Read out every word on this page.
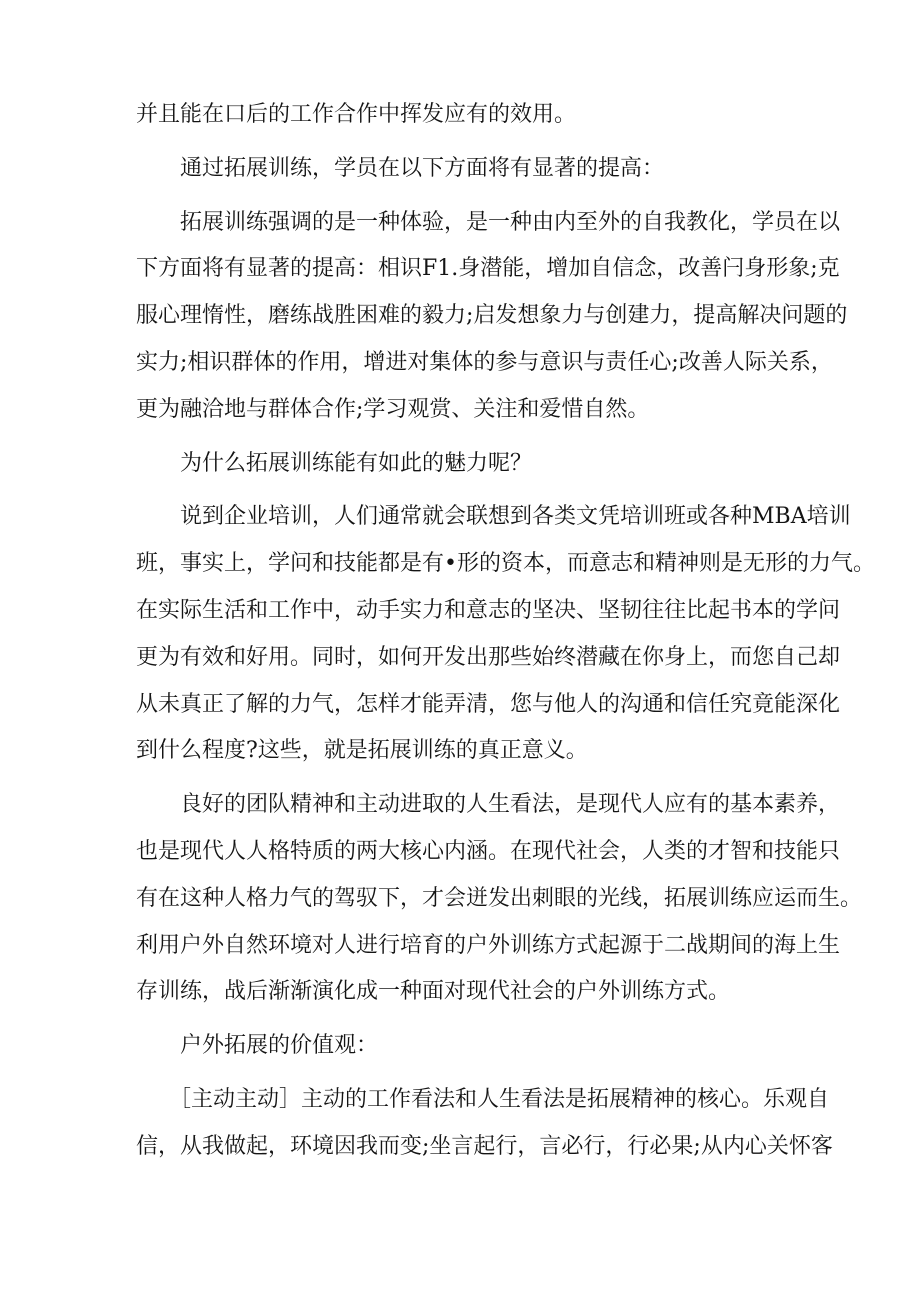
并且能在口后的工作合作中挥发应有的效用。

　　通过拓展训练，学员在以下方面将有显著的提高：

　　拓展训练强调的是一种体验，是一种由内至外的自我教化，学员在以

下方面将有显著的提高：相识F1.身潜能，增加自信念，改善闩身形象;克

服心理惰性，磨练战胜困难的毅力;启发想象力与创建力，提高解决问题的

实力;相识群体的作用，增进对集体的参与意识与责任心;改善人际关系，

更为融洽地与群体合作;学习观赏、关注和爱惜自然。

　　为什么拓展训练能有如此的魅力呢？

　　说到企业培训，人们通常就会联想到各类文凭培训班或各种MBA培训

班，事实上，学问和技能都是有•形的资本，而意志和精神则是无形的力气。

在实际生活和工作中，动手实力和意志的坚决、坚韧往往比起书本的学问

更为有效和好用。同时，如何开发出那些始终潜藏在你身上，而您自己却

从未真正了解的力气，怎样才能弄清，您与他人的沟通和信任究竟能深化

到什么程度?这些，就是拓展训练的真正意义。

　　良好的团队精神和主动进取的人生看法，是现代人应有的基本素养，

也是现代人人格特质的两大核心内涵。在现代社会，人类的才智和技能只

有在这种人格力气的驾驭下，才会迸发出刺眼的光线，拓展训练应运而生。

利用户外自然环境对人进行培育的户外训练方式起源于二战期间的海上生

存训练，战后渐渐演化成一种面对现代社会的户外训练方式。

　　户外拓展的价值观：

　　［主动主动］主动的工作看法和人生看法是拓展精神的核心。乐观自

信，从我做起，环境因我而变;坐言起行，言必行，行必果;从内心关怀客
